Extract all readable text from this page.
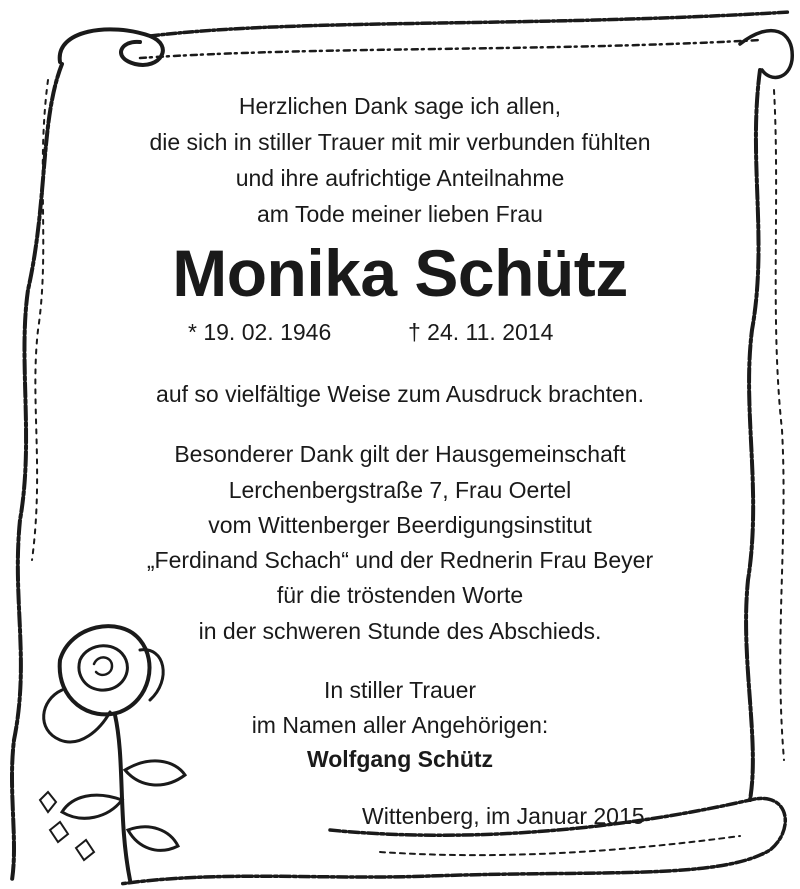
Herzlichen Dank sage ich allen,
die sich in stiller Trauer mit mir verbunden fühlten
und ihre aufrichtige Anteilnahme
am Tode meiner lieben Frau
Monika Schütz
* 19. 02. 1946	† 24. 11. 2014
auf so vielfältige Weise zum Ausdruck brachten.
Besonderer Dank gilt der Hausgemeinschaft
Lerchenbergstraße 7, Frau Oertel
vom Wittenberger Beerdigungsinstitut
„Ferdinand Schach“ und der Rednerin Frau Beyer
für die tröstenden Worte
in der schweren Stunde des Abschieds.
In stiller Trauer
im Namen aller Angehörigen:
Wolfgang Schütz
Wittenberg, im Januar 2015
